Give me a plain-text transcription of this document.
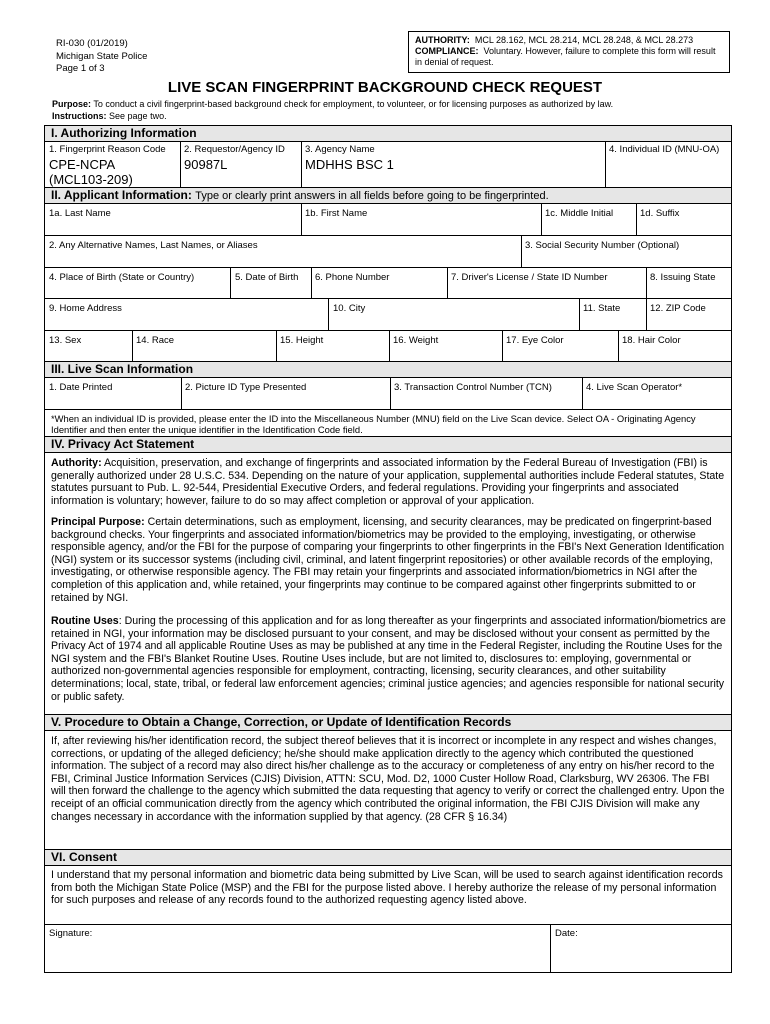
RI-030 (01/2019)
Michigan State Police
Page 1 of 3
AUTHORITY: MCL 28.162, MCL 28.214, MCL 28.248, & MCL 28.273
COMPLIANCE: Voluntary. However, failure to complete this form will result in denial of request.
LIVE SCAN FINGERPRINT BACKGROUND CHECK REQUEST
Purpose: To conduct a civil fingerprint-based background check for employment, to volunteer, or for licensing purposes as authorized by law.
Instructions: See page two.
I. Authorizing Information
1. Fingerprint Reason Code
CPE-NCPA (MCL103-209)
2. Requestor/Agency ID
90987L
3. Agency Name
MDHHS BSC 1
4. Individual ID (MNU-OA)
II. Applicant Information: Type or clearly print answers in all fields before going to be fingerprinted.
1a. Last Name	1b. First Name	1c. Middle Initial	1d. Suffix
2. Any Alternative Names, Last Names, or Aliases	3. Social Security Number (Optional)
4. Place of Birth (State or Country)	5. Date of Birth 6. Phone Number	7. Driver's License / State ID Number	8. Issuing State
9. Home Address	10. City	11. State	12. ZIP Code
13. Sex	14. Race	15. Height	16. Weight	17. Eye Color	18. Hair Color
III. Live Scan Information
1. Date Printed	2. Picture ID Type Presented	3. Transaction Control Number (TCN)	4. Live Scan Operator*
*When an individual ID is provided, please enter the ID into the Miscellaneous Number (MNU) field on the Live Scan device. Select OA - Originating Agency Identifier and then enter the unique identifier in the Identification Code field.
IV. Privacy Act Statement
Authority: Acquisition, preservation, and exchange of fingerprints and associated information by the Federal Bureau of Investigation (FBI) is generally authorized under 28 U.S.C. 534. Depending on the nature of your application, supplemental authorities include Federal statutes, State statutes pursuant to Pub. L. 92-544, Presidential Executive Orders, and federal regulations. Providing your fingerprints and associated information is voluntary; however, failure to do so may affect completion or approval of your application.
Principal Purpose: Certain determinations, such as employment, licensing, and security clearances, may be predicated on fingerprint-based background checks. Your fingerprints and associated information/biometrics may be provided to the employing, investigating, or otherwise responsible agency, and/or the FBI for the purpose of comparing your fingerprints to other fingerprints in the FBI's Next Generation Identification (NGI) system or its successor systems (including civil, criminal, and latent fingerprint repositories) or other available records of the employing, investigating, or otherwise responsible agency. The FBI may retain your fingerprints and associated information/biometrics in NGI after the completion of this application and, while retained, your fingerprints may continue to be compared against other fingerprints submitted to or retained by NGI.
Routine Uses: During the processing of this application and for as long thereafter as your fingerprints and associated information/biometrics are retained in NGI, your information may be disclosed pursuant to your consent, and may be disclosed without your consent as permitted by the Privacy Act of 1974 and all applicable Routine Uses as may be published at any time in the Federal Register, including the Routine Uses for the NGI system and the FBI's Blanket Routine Uses. Routine Uses include, but are not limited to, disclosures to: employing, governmental or authorized non-governmental agencies responsible for employment, contracting, licensing, security clearances, and other suitability determinations; local, state, tribal, or federal law enforcement agencies; criminal justice agencies; and agencies responsible for national security or public safety.
V. Procedure to Obtain a Change, Correction, or Update of Identification Records
If, after reviewing his/her identification record, the subject thereof believes that it is incorrect or incomplete in any respect and wishes changes, corrections, or updating of the alleged deficiency; he/she should make application directly to the agency which contributed the questioned information. The subject of a record may also direct his/her challenge as to the accuracy or completeness of any entry on his/her record to the FBI, Criminal Justice Information Services (CJIS) Division, ATTN: SCU, Mod. D2, 1000 Custer Hollow Road, Clarksburg, WV 26306. The FBI will then forward the challenge to the agency which submitted the data requesting that agency to verify or correct the challenged entry. Upon the receipt of an official communication directly from the agency which contributed the original information, the FBI CJIS Division will make any changes necessary in accordance with the information supplied by that agency. (28 CFR § 16.34)
VI. Consent
I understand that my personal information and biometric data being submitted by Live Scan, will be used to search against identification records from both the Michigan State Police (MSP) and the FBI for the purpose listed above. I hereby authorize the release of my personal information for such purposes and release of any records found to the authorized requesting agency listed above.
Signature:	Date:
